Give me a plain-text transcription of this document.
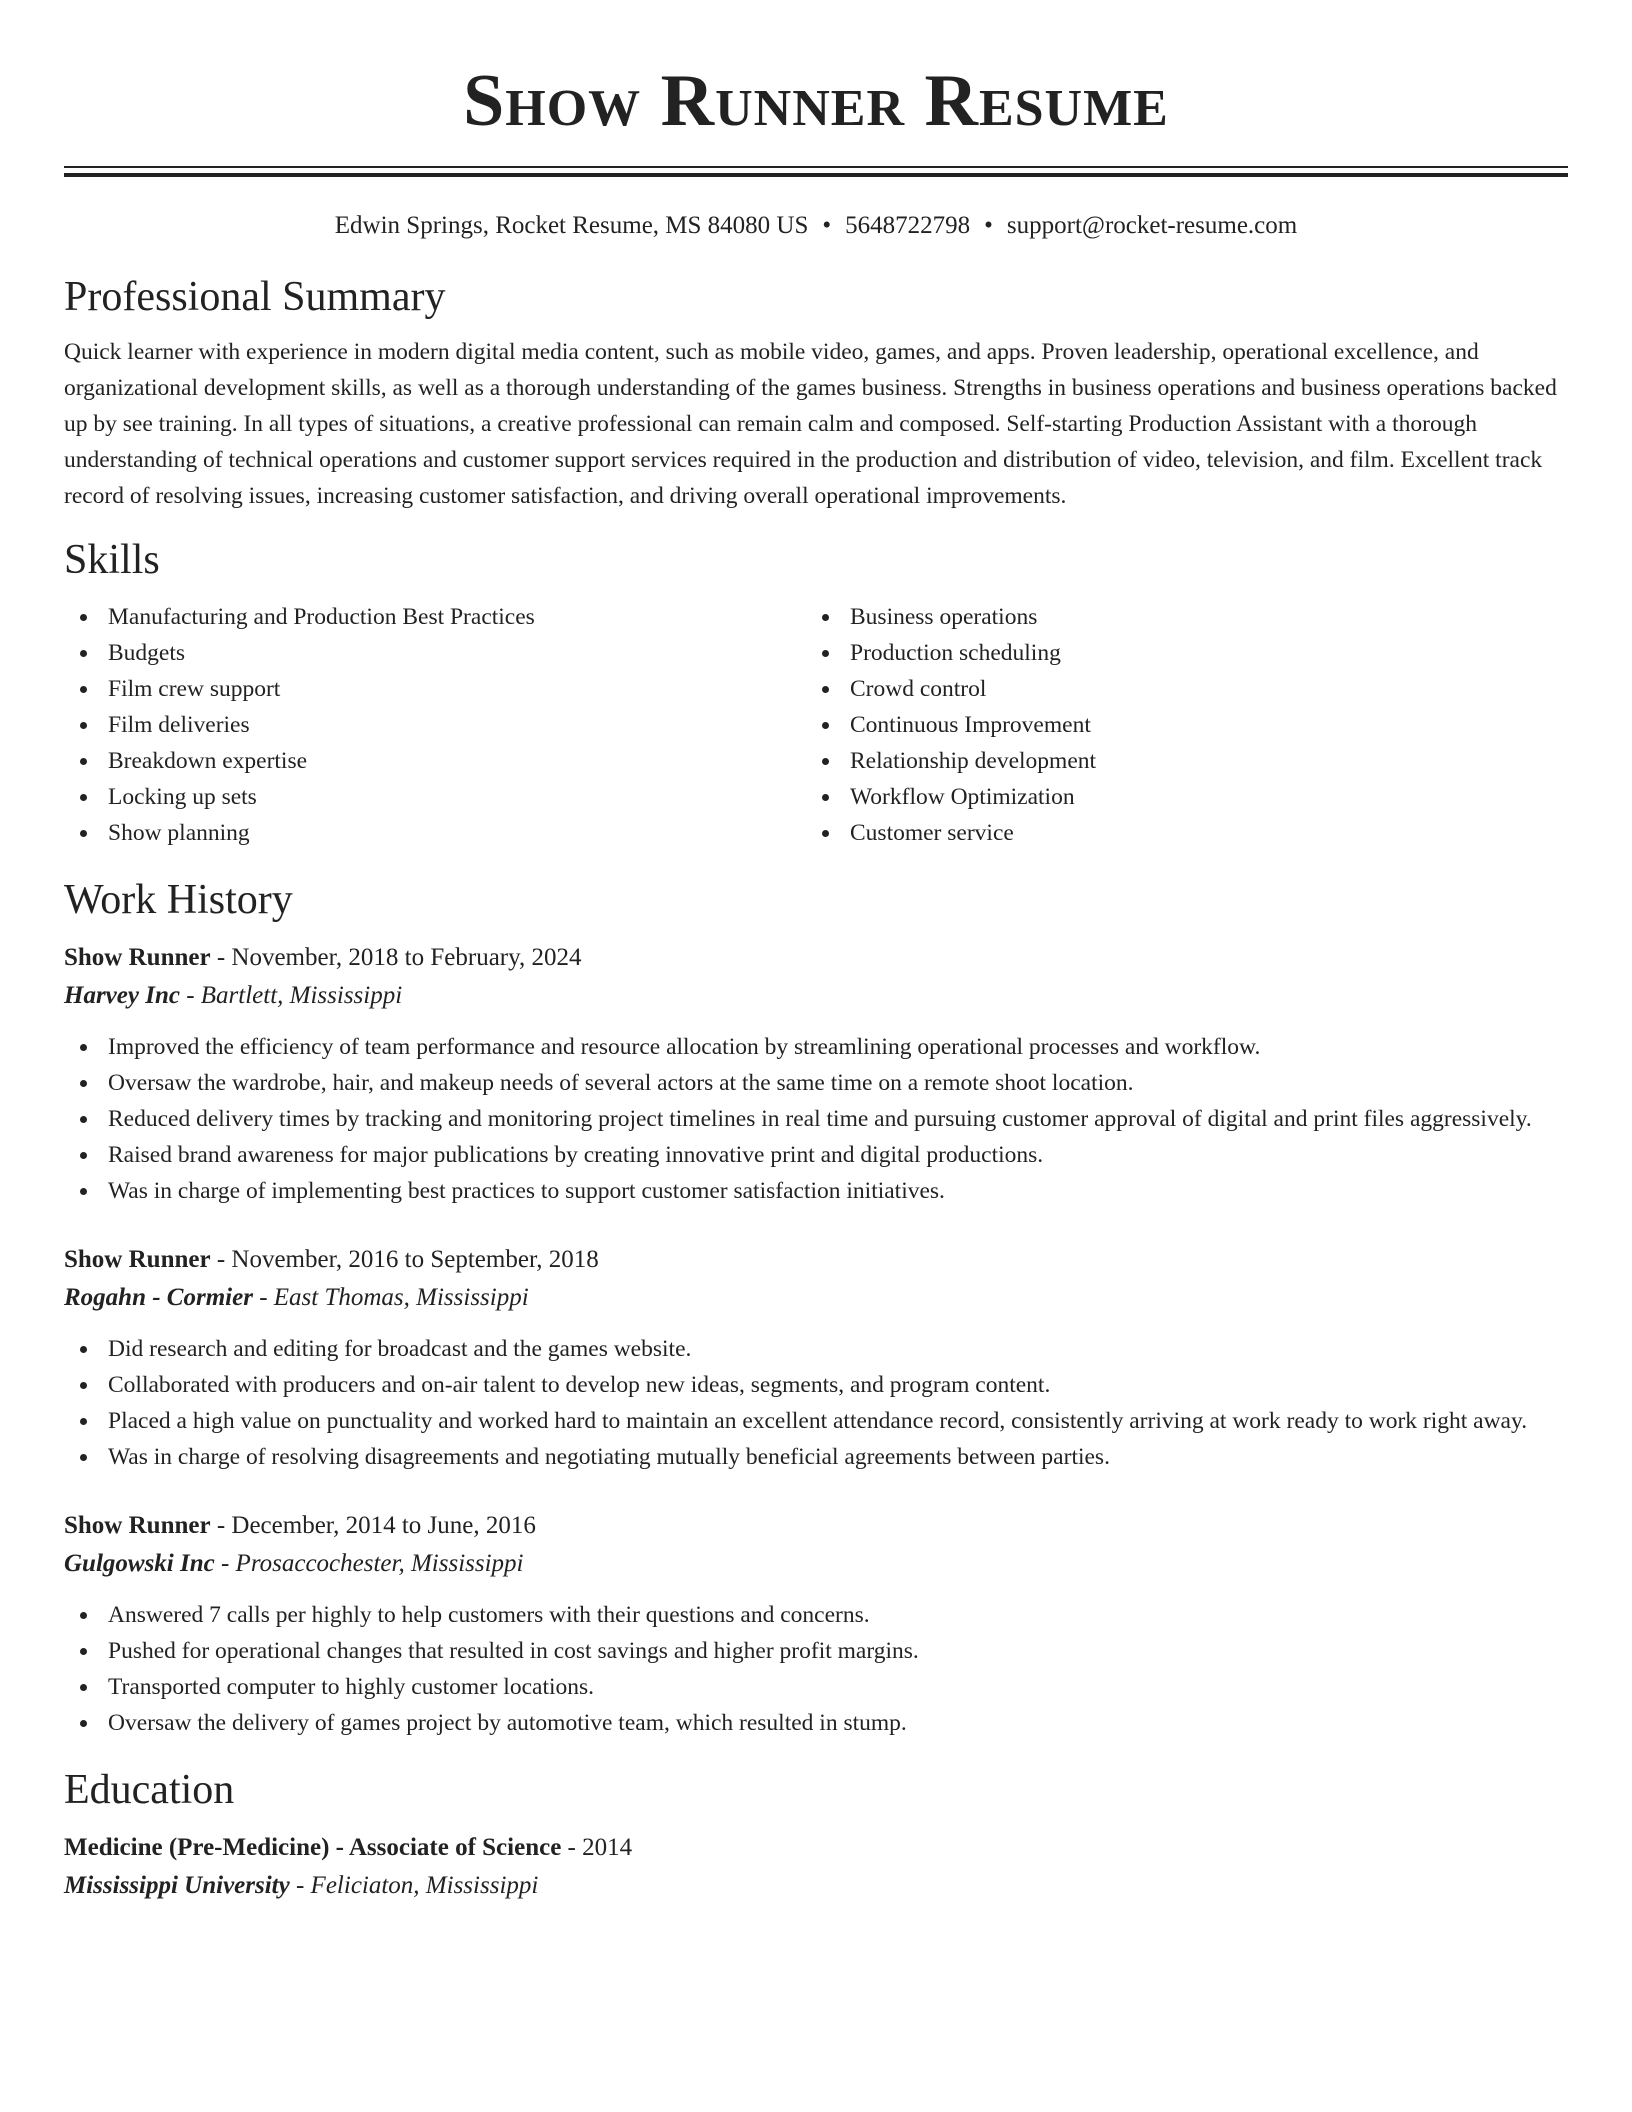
Show Runner Resume
Edwin Springs, Rocket Resume, MS 84080 US • 5648722798 • support@rocket-resume.com
Professional Summary

Quick learner with experience in modern digital media content, such as mobile video, games, and apps. Proven leadership, operational excellence, and organizational development skills, as well as a thorough understanding of the games business. Strengths in business operations and business operations backed up by see training. In all types of situations, a creative professional can remain calm and composed. Self-starting Production Assistant with a thorough understanding of technical operations and customer support services required in the production and distribution of video, television, and film. Excellent track record of resolving issues, increasing customer satisfaction, and driving overall operational improvements.

Skills
Manufacturing and Production Best Practices
Budgets
Film crew support
Film deliveries
Breakdown expertise
Locking up sets
Show planning
Business operations
Production scheduling
Crowd control
Continuous Improvement
Relationship development
Workflow Optimization
Customer service
Work History

Show Runner - November, 2018 to February, 2024

Harvey Inc - Bartlett, Mississippi

Improved the efficiency of team performance and resource allocation by streamlining operational processes and workflow.
Oversaw the wardrobe, hair, and makeup needs of several actors at the same time on a remote shoot location.
Reduced delivery times by tracking and monitoring project timelines in real time and pursuing customer approval of digital and print files aggressively.
Raised brand awareness for major publications by creating innovative print and digital productions.
Was in charge of implementing best practices to support customer satisfaction initiatives.

Show Runner - November, 2016 to September, 2018

Rogahn - Cormier - East Thomas, Mississippi

Did research and editing for broadcast and the games website.
Collaborated with producers and on-air talent to develop new ideas, segments, and program content.
Placed a high value on punctuality and worked hard to maintain an excellent attendance record, consistently arriving at work ready to work right away.
Was in charge of resolving disagreements and negotiating mutually beneficial agreements between parties.

Show Runner - December, 2014 to June, 2016

Gulgowski Inc - Prosaccochester, Mississippi

Answered 7 calls per highly to help customers with their questions and concerns.
Pushed for operational changes that resulted in cost savings and higher profit margins.
Transported computer to highly customer locations.
Oversaw the delivery of games project by automotive team, which resulted in stump.
Education

Medicine (Pre-Medicine) - Associate of Science - 2014

Mississippi University - Feliciaton, Mississippi
